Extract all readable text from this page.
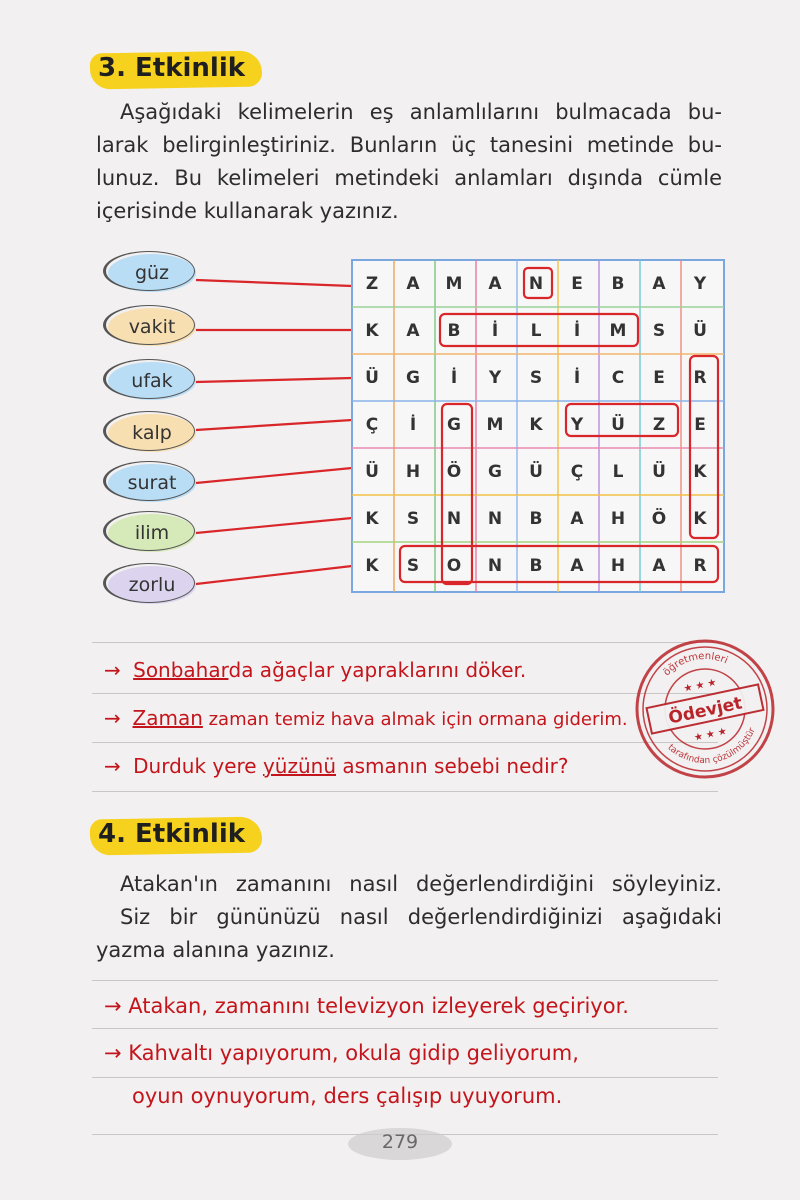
3. Etkinlik
Aşağıdaki kelimelerin eş anlamlılarını bulmacada bu-
larak belirginleştiriniz. Bunların üç tanesini metinde bu-
lunuz. Bu kelimeleri metindeki anlamları dışında cümle
içerisinde kullanarak yazınız.
güz
vakit
ufak
kalp
surat
ilim
zorlu
Z	A	M	A	N	E	B	A	Y
K	A	B	İ	L	İ	M	S	Ü
Ü	G	İ	Y	S	İ	C	E	R
Ç	İ	G	M	K	Y	Ü	Z	E
Ü	H	Ö	G	Ü	Ç	L	Ü	K
K	S	N	N	B	A	H	Ö	K
K	S	O	N	B	A	H	A	R
→ Sonbaharda ağaçlar yapraklarını döker.
→ Zaman zaman temiz hava almak için ormana giderim.
→ Durduk yere yüzünü asmanın sebebi nedir?
öğretmenleri
tarafından çözülmüştür
Ödevjet
★ ★ ★
★ ★ ★
4. Etkinlik
Atakan'ın zamanını nasıl değerlendirdiğini söyleyiniz.
Siz bir gününüzü nasıl değerlendirdiğinizi aşağıdaki
yazma alanına yazınız.
→ Atakan, zamanını televizyon izleyerek geçiriyor.
→ Kahvaltı yapıyorum, okula gidip geliyorum,
oyun oynuyorum, ders çalışıp uyuyorum.
279
